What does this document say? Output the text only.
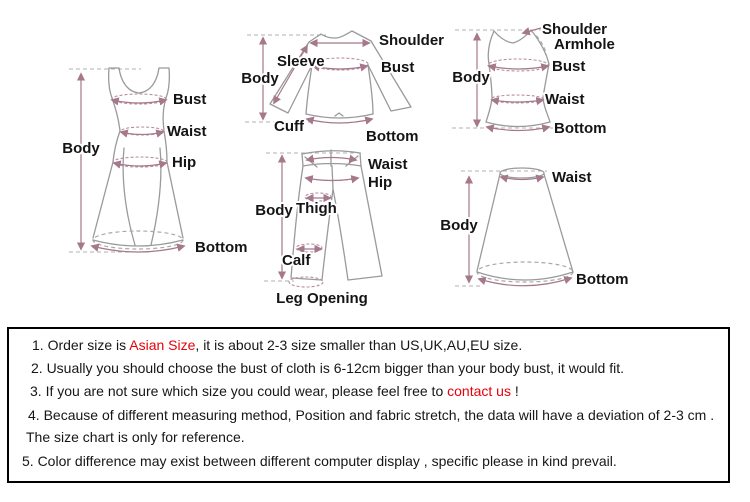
Body
Bust
Waist
Hip
Bottom
Body
Sleeve
Shoulder
Bust
Cuff
Bottom
Shoulder
Armhole
Bust
Body
Waist
Bottom
Waist
Hip
Body Thigh
Calf
Leg Opening
Waist
Body
Bottom

1. Order size is Asian Size, it is about 2-3 size smaller than US,UK,AU,EU size.

2. Usually you should choose the bust of cloth is 6-12cm bigger than your body bust, it would fit.

3. If you are not sure which size you could wear, please feel free to contact us !

4. Because of different measuring method, Position and fabric stretch, the data will have a deviation of 2-3 cm .

The size chart is only for reference.

5. Color difference may exist between different computer display , specific please in kind prevail.
